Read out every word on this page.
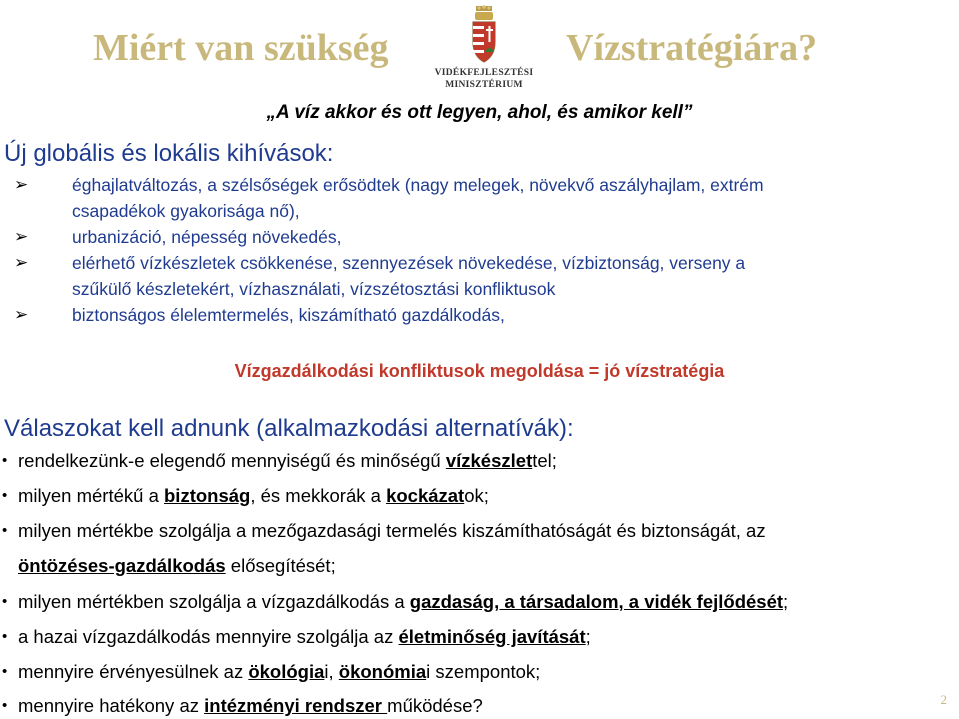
Miért van szükség	Vízstratégiára?
VIDÉKFEJLESZTÉSI
MINISZTÉRIUM
„A víz akkor és ott legyen, ahol, és amikor kell”
Új globális és lokális kihívások:
➢	éghajlatváltozás, a szélsőségek erősödtek (nagy melegek, növekvő aszályhajlam, extrém
csapadékok gyakorisága nő),
➢	urbanizáció, népesség növekedés,
➢	elérhető vízkészletek csökkenése, szennyezések növekedése, vízbiztonság, verseny a
szűkülő készletekért, vízhasználati, vízszétosztási konfliktusok
➢	biztonságos élelemtermelés, kiszámítható gazdálkodás,
Vízgazdálkodási konfliktusok megoldása = jó vízstratégia
Válaszokat kell adnunk (alkalmazkodási alternatívák):
• rendelkezünk-e elegendő mennyiségű és minőségű vízkészlettel;
• milyen mértékű a biztonság, és mekkorák a kockázatok;
• milyen mértékbe szolgálja a mezőgazdasági termelés kiszámíthatóságát és biztonságát, az
öntözéses-gazdálkodás elősegítését;
• milyen mértékben szolgálja a vízgazdálkodás a gazdaság, a társadalom, a vidék fejlődését;
• a hazai vízgazdálkodás mennyire szolgálja az életminőség javítását;
• mennyire érvényesülnek az ökológiai, ökonómiai szempontok;
• mennyire hatékony az intézményi rendszer működése?	2
